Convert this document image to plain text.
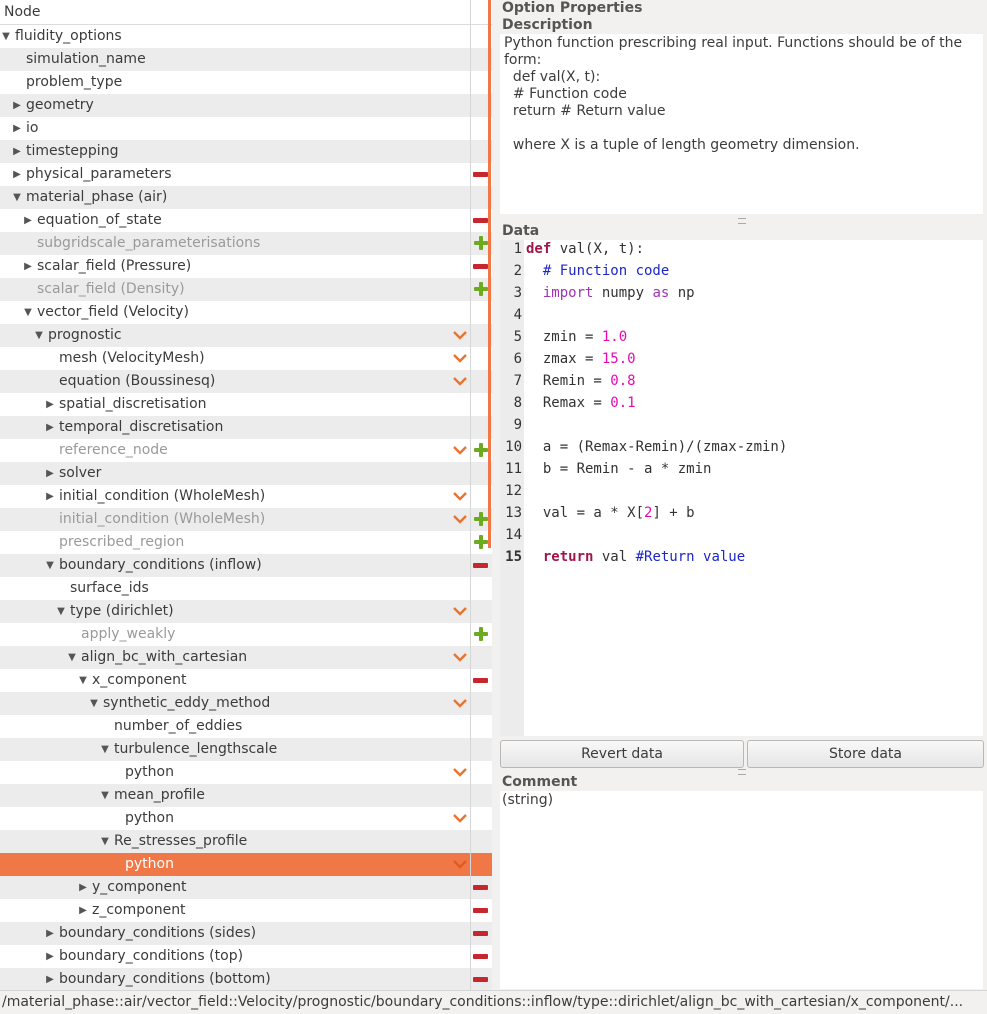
Node
▼ fluidity_options
simulation_name
problem_type
▶ geometry
▶ io
▶ timestepping
▶ physical_parameters
▼ material_phase (air)
▶ equation_of_state
subgridscale_parameterisations
▶ scalar_field (Pressure)
scalar_field (Density)
▼ vector_field (Velocity)
▼ prognostic
mesh (VelocityMesh)
equation (Boussinesq)
▶ spatial_discretisation
▶ temporal_discretisation
reference_node
▶ solver
▶ initial_condition (WholeMesh)
initial_condition (WholeMesh)
prescribed_region
▼ boundary_conditions (inflow)
surface_ids
▼ type (dirichlet)
apply_weakly
▼ align_bc_with_cartesian
▼ x_component
▼ synthetic_eddy_method
number_of_eddies
▼ turbulence_lengthscale
python
▼ mean_profile
python
▼ Re_stresses_profile
python
▶ y_component
▶ z_component
▶ boundary_conditions (sides)
▶ boundary_conditions (top)
▶ boundary_conditions (bottom)
Option Properties
Description
Python function prescribing real input. Functions should be of the
form:
def val(X, t):
# Function code
return # Return value
where X is a tuple of length geometry dimension.
Data
1
2
3
4
5
6
7
8
9
10
11
12
13
14
15
def val(X, t):
# Function code
import numpy as np
zmin = 1.0
zmax = 15.0
Remin = 0.8
Remax = 0.1
a = (Remax-Remin)/(zmax-zmin)
b = Remin - a * zmin
val = a * X[2] + b
return val #Return value
Revert data	Store data
Comment
(string)
/material_phase::air/vector_field::Velocity/prognostic/boundary_conditions::inflow/type::dirichlet/align_bc_with_cartesian/x_component/...
